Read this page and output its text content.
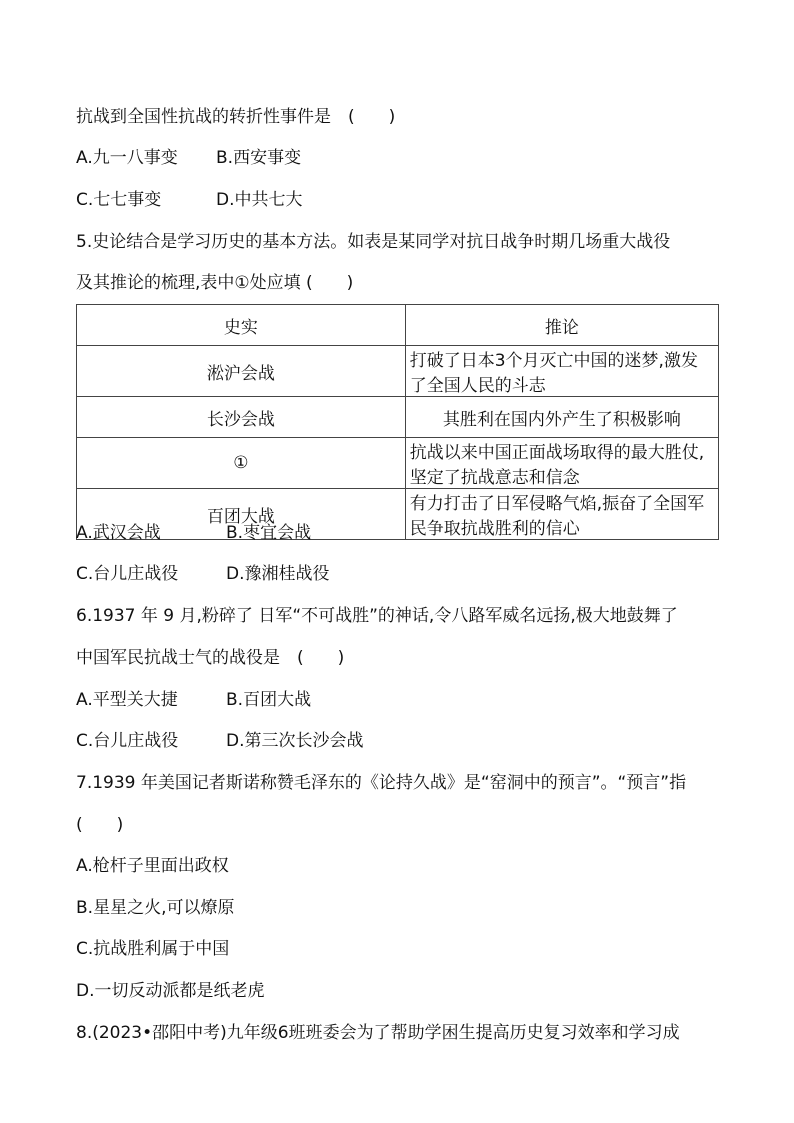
抗战到全国性抗战的转折性事件是　(　　)
A.九一八事变 B.西安事变
C.七七事变	D.中共七大
5.史论结合是学习历史的基本方法。如表是某同学对抗日战争时期几场重大战役
及其推论的梳理,表中①处应填 (　　)
史实	推论
淞沪会战	打破了日本3个月灭亡中国的迷梦,激发了全国人民的斗志
长沙会战	其胜利在国内外产生了积极影响
①	抗战以来中国正面战场取得的最大胜仗,坚定了抗战意志和信念
百团大战	有力打击了日军侵略气焰,振奋了全国军民争取抗战胜利的信心
A.武汉会战	B.枣宜会战
C.台儿庄战役	D.豫湘桂战役
6.1937 年 9 月,粉碎了 日军“不可战胜”的神话,令八路军威名远扬,极大地鼓舞了
中国军民抗战士气的战役是　(　　)
A.平型关大捷	B.百团大战
C.台儿庄战役	D.第三次长沙会战
7.1939 年美国记者斯诺称赞毛泽东的《论持久战》是“窑洞中的预言”。“预言”指
(　　)
A.枪杆子里面出政权
B.星星之火,可以燎原
C.抗战胜利属于中国
D.一切反动派都是纸老虎
8.(2023•邵阳中考)九年级6班班委会为了帮助学困生提高历史复习效率和学习成
